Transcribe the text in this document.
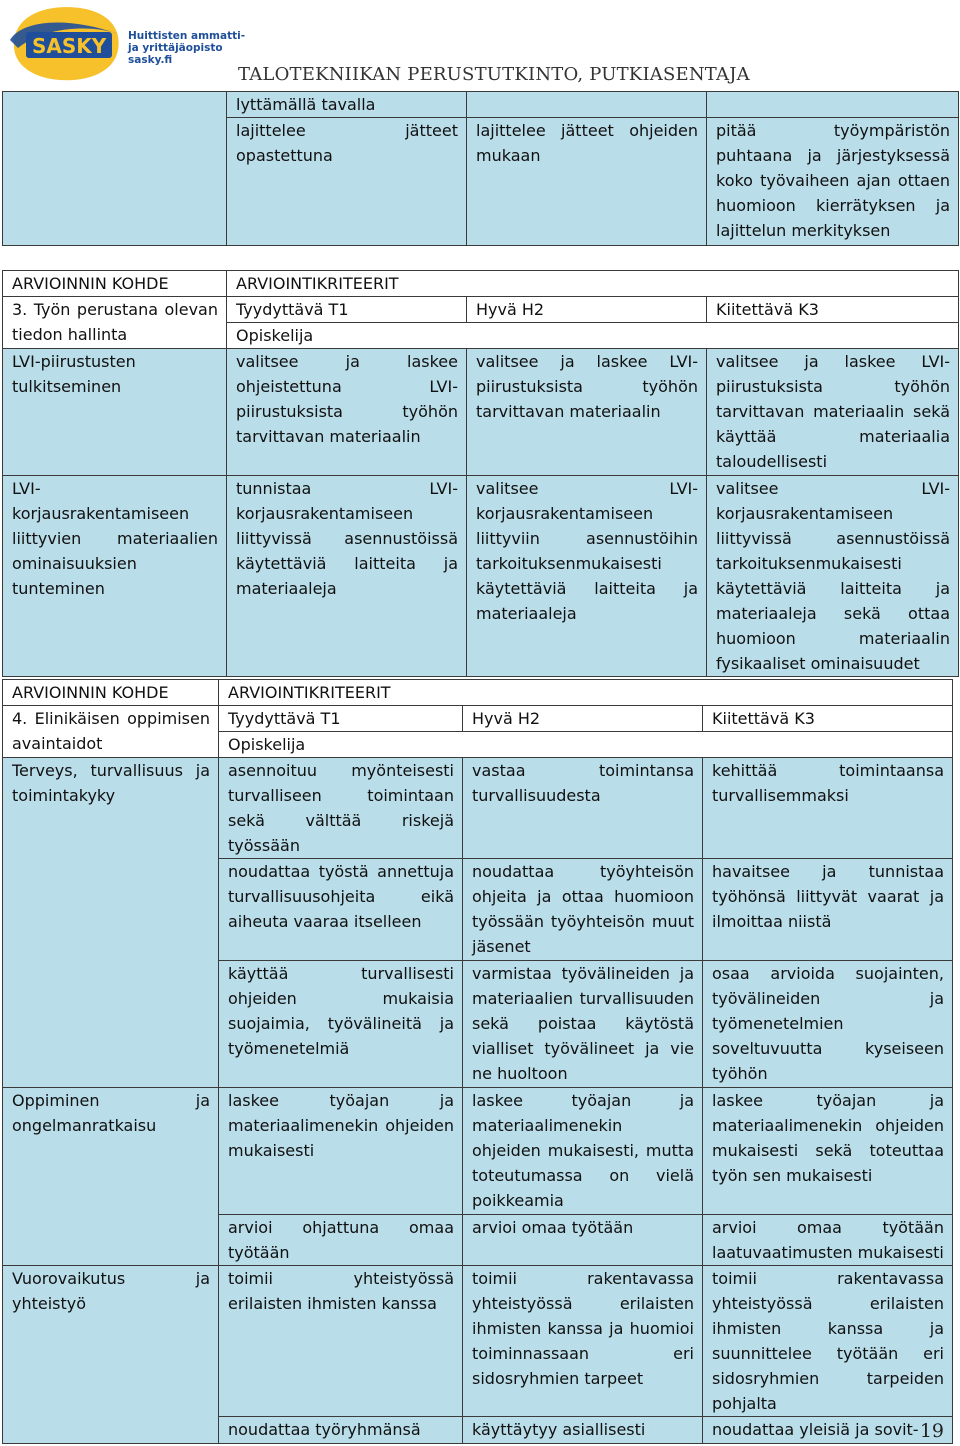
SASKY Huittisten ammatti-
ja yrittäjäopisto
sasky.fi
TALOTEKNIIKAN PERUSTUTKINTO, PUTKIASENTAJA
	lyttämällä tavalla		
	lajittelee jätteet opastettuna	lajittelee jätteet ohjeiden mukaan	pitää työympäristön puhtaana ja järjestyksessä koko työvaiheen ajan ottaen huomioon kierrätyksen ja lajittelun merkityksen
ARVIOINNIN KOHDE	ARVIOINTIKRITEERIT		
3. Työn perustana olevan tiedon hallinta	Tyydyttävä T1	Hyvä H2	Kiitettävä K3
	Opiskelija		
LVI-piirustusten tulkitseminen	valitsee ja laskee ohjeistettuna LVI-piirustuksista työhön tarvittavan materiaalin	valitsee ja laskee LVI-piirustuksista työhön tarvittavan materiaalin	valitsee ja laskee LVI-piirustuksista työhön tarvittavan materiaalin sekä käyttää materiaalia taloudellisesti
LVI- korjausrakentamiseen liittyvien materiaalien ominaisuuksien tunteminen	tunnistaa LVI- korjausrakentamiseen liittyvissä asennustöissä käytettäviä laitteita ja materiaaleja	valitsee LVI- korjausrakentamiseen liittyviin asennustöihin tarkoituksenmukaisesti käytettäviä laitteita ja materiaaleja	valitsee LVI- korjausrakentamiseen liittyvissä asennustöissä tarkoituksenmukaisesti käytettäviä laitteita ja materiaaleja sekä ottaa huomioon materiaalin fysikaaliset ominaisuudet
ARVIOINNIN KOHDE	ARVIOINTIKRITEERIT		
4. Elinikäisen oppimisen avaintaidot	Tyydyttävä T1	Hyvä H2	Kiitettävä K3
	Opiskelija		
Terveys, turvallisuus ja toimintakyky	asennoituu myönteisesti turvalliseen toimintaan sekä välttää riskejä työssään	vastaa toimintansa turvallisuudesta	kehittää toimintaansa turvallisemmaksi
	noudattaa työstä annettuja turvallisuusohjeita eikä aiheuta vaaraa itselleen	noudattaa työyhteisön ohjeita ja ottaa huomioon työssään työyhteisön muut jäsenet	havaitsee ja tunnistaa työhönsä liittyvät vaarat ja ilmoittaa niistä
	käyttää turvallisesti ohjeiden mukaisia suojaimia, työvälineitä ja työmenetelmiä	varmistaa työvälineiden ja materiaalien turvallisuuden sekä poistaa käytöstä vialliset työvälineet ja vie ne huoltoon	osaa arvioida suojainten, työvälineiden ja työmenetelmien soveltuvuutta kyseiseen työhön
Oppiminen ja ongelmanratkaisu	laskee työajan ja materiaalimenekin ohjeiden mukaisesti	laskee työajan ja materiaalimenekin ohjeiden mukaisesti, mutta toteutumassa on vielä poikkeamia	laskee työajan ja materiaalimenekin ohjeiden mukaisesti sekä toteuttaa työn sen mukaisesti
	arvioi ohjattuna omaa työtään	arvioi omaa työtään	arvioi omaa työtään laatuvaatimusten mukaisesti
Vuorovaikutus ja yhteistyö	toimii yhteistyössä erilaisten ihmisten kanssa	toimii rakentavassa yhteistyössä erilaisten ihmisten kanssa ja huomioi toiminnassaan eri sidosryhmien tarpeet	toimii rakentavassa yhteistyössä erilaisten ihmisten kanssa ja suunnittelee työtään eri sidosryhmien tarpeiden pohjalta
	noudattaa työryhmänsä	käyttäytyy asiallisesti	noudattaa yleisiä ja sovit- 19
